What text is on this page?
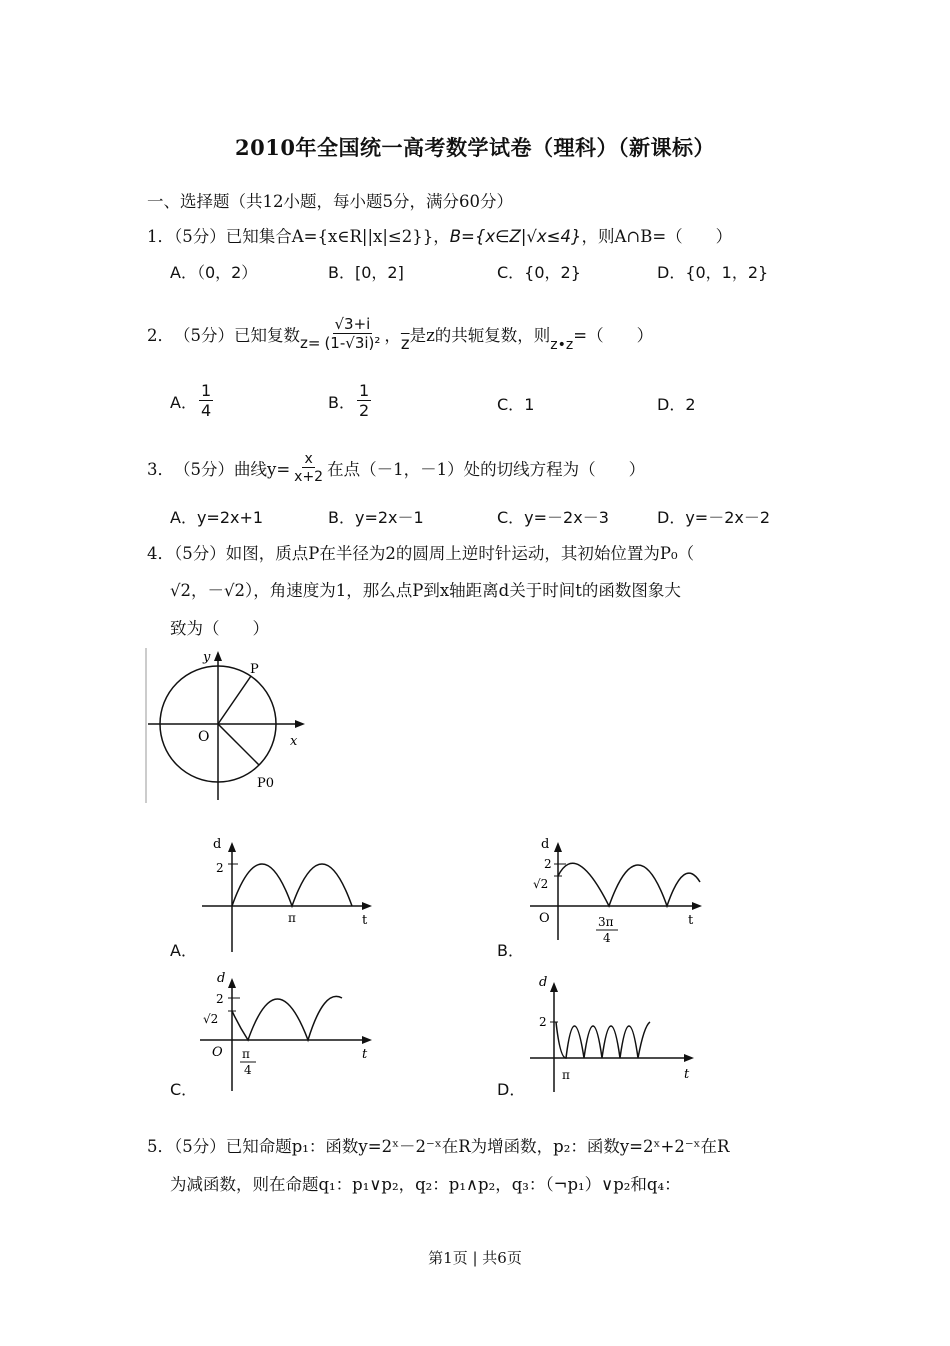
2010年全国统一高考数学试卷（理科）（新课标）
一、选择题（共12小题，每小题5分，满分60分）
1．（5分）已知集合A={x∈R||x|≤2}}，B={x∈Z|√x≤4}，则A∩B=（　　）
A．（0，2）	B．[0，2]	C．{0，2}	D．{0，1，2}
2． （5分）已知复数 $z= \frac{√3+i}{\text{(1-√3i)²}}$ ， $\overline{z}$ 是z的共轭复数，则 z•z =（　　）
A． $\frac{1}{4}$	B． $\frac{1}{2}$	C．1	D．2
3． （5分）曲线$y= \frac{x}{x+2}$ 在点（－1，－1）处的切线方程为（　　）
A．y=2x+1	B．y=2x－1	C．y=－2x－3	D．y=－2x－2
4．（5分）如图，质点P在半径为2的圆周上逆时针运动，其初始位置为P₀（
√2，－√2），角速度为1，那么点P到x轴距离d关于时间t的函数图象大
致为（　　）
y
x
O
P
P0
A．
d
2
π	t
B．
d
2
√2
O	3π
4
t
C．
d
2
√2
O π
4
t
D．
d
2
π	t
5．（5分）已知命题p₁：函数y=2ˣ－2⁻ˣ在R为增函数，p₂：函数y=2ˣ+2⁻ˣ在R
为减函数，则在命题q₁：p₁∨p₂，q₂：p₁∧p₂，q₃：（¬p₁）∨p₂和q₄：
第1页 | 共6页
